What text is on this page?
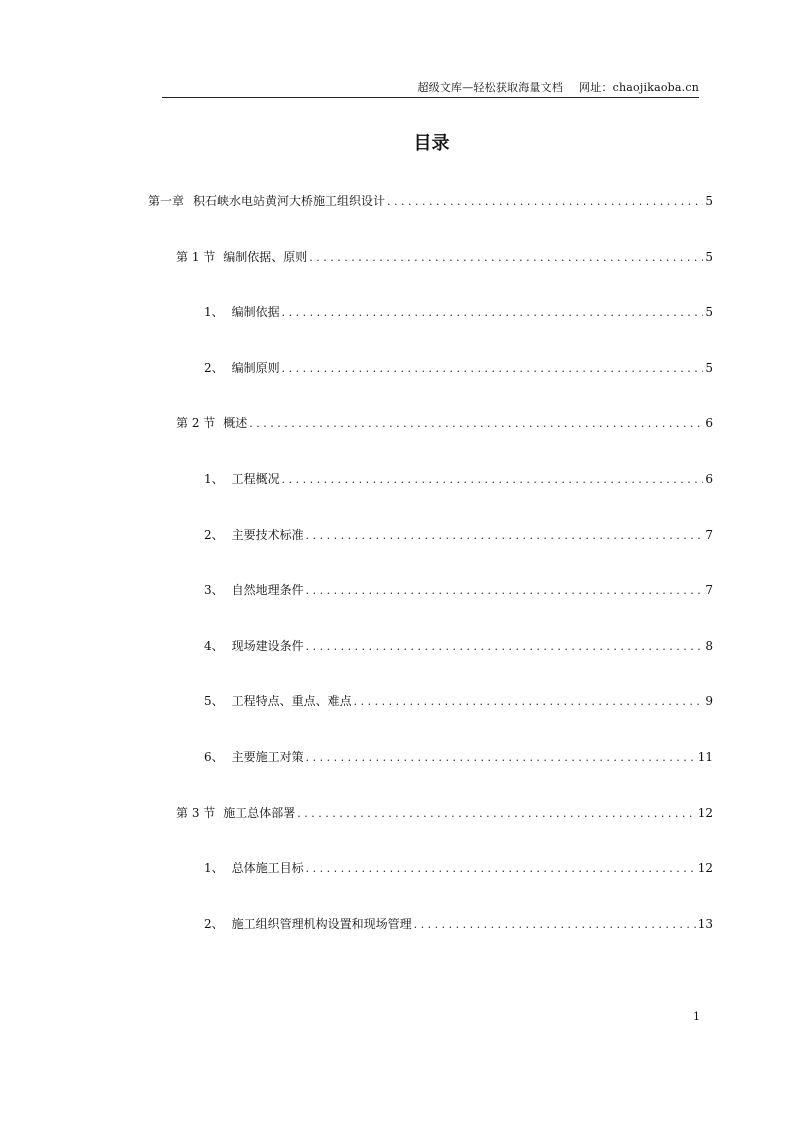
超级文库—轻松获取海量文档 网址：chaojikaoba.cn
目录
第一章 积石峡水电站黄河大桥施工组织设计 . . .	5
第 1 节 编制依据、原则 . . .	5
1、 编制依据 . . .	5
2、 编制原则 . . .	5
第 2 节 概述 . . .	6
1、 工程概况 . . .	6
2、 主要技术标准 . . .	7
3、 自然地理条件 . . .	7
4、 现场建设条件 . . .	8
5、 工程特点、重点、难点 . . .	9
6、 主要施工对策 . . .	11
第 3 节 施工总体部署 . . .	12
1、 总体施工目标 . . .	12
2、 施工组织管理机构设置和现场管理 . . .	13
1
